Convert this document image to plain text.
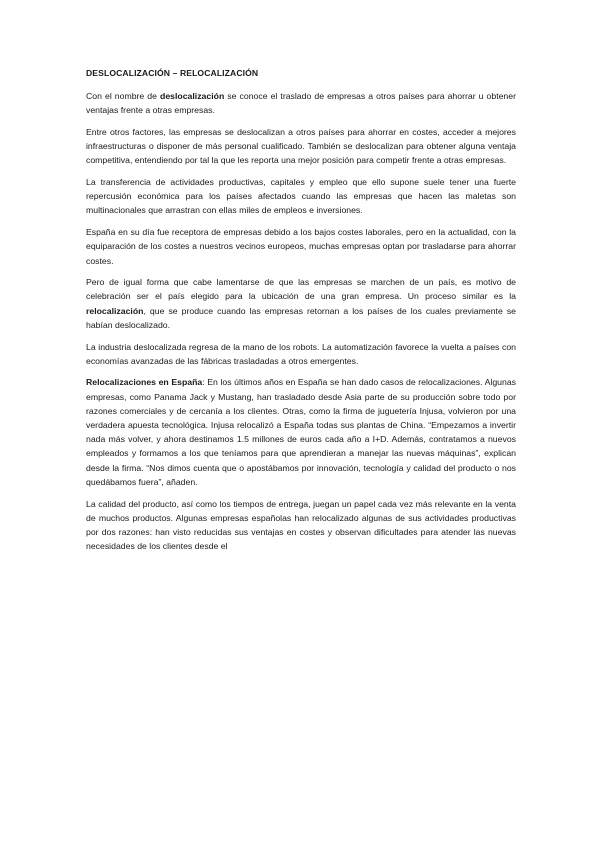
DESLOCALIZACIÓN – RELOCALIZACIÓN

Con el nombre de deslocalización se conoce el traslado de empresas a otros países para ahorrar u obtener ventajas frente a otras empresas.

Entre otros factores, las empresas se deslocalizan a otros países para ahorrar en costes, acceder a mejores infraestructuras o disponer de más personal cualificado. También se deslocalizan para obtener alguna ventaja competitiva, entendiendo por tal la que les reporta una mejor posición para competir frente a otras empresas.

La transferencia de actividades productivas, capitales y empleo que ello supone suele tener una fuerte repercusión económica para los países afectados cuando las empresas que hacen las maletas son multinacionales que arrastran con ellas miles de empleos e inversiones.

España en su día fue receptora de empresas debido a los bajos costes laborales, pero en la actualidad, con la equiparación de los costes a nuestros vecinos europeos, muchas empresas optan por trasladarse para ahorrar costes.

Pero de igual forma que cabe lamentarse de que las empresas se marchen de un país, es motivo de celebración ser el país elegido para la ubicación de una gran empresa. Un proceso similar es la relocalización, que se produce cuando las empresas retornan a los países de los cuales previamente se habían deslocalizado.

La industria deslocalizada regresa de la mano de los robots. La automatización favorece la vuelta a países con economías avanzadas de las fábricas trasladadas a otros emergentes.

Relocalizaciones en España: En los últimos años en España se han dado casos de relocalizaciones. Algunas empresas, como Panama Jack y Mustang, han trasladado desde Asia parte de su producción sobre todo por razones comerciales y de cercanía a los clientes. Otras, como la firma de juguetería Injusa, volvieron por una verdadera apuesta tecnológica. Injusa relocalizó a España todas sus plantas de China. “Empezamos a invertir nada más volver, y ahora destinamos 1.5 millones de euros cada año a I+D. Además, contratamos a nuevos empleados y formamos a los que teníamos para que aprendieran a manejar las nuevas máquinas”, explican desde la firma. “Nos dimos cuenta que o apostábamos por innovación, tecnología y calidad del producto o nos quedábamos fuera”, añaden.

La calidad del producto, así como los tiempos de entrega, juegan un papel cada vez más relevante en la venta de muchos productos. Algunas empresas españolas han relocalizado algunas de sus actividades productivas por dos razones: han visto reducidas sus ventajas en costes y observan dificultades para atender las nuevas necesidades de los clientes desde el
